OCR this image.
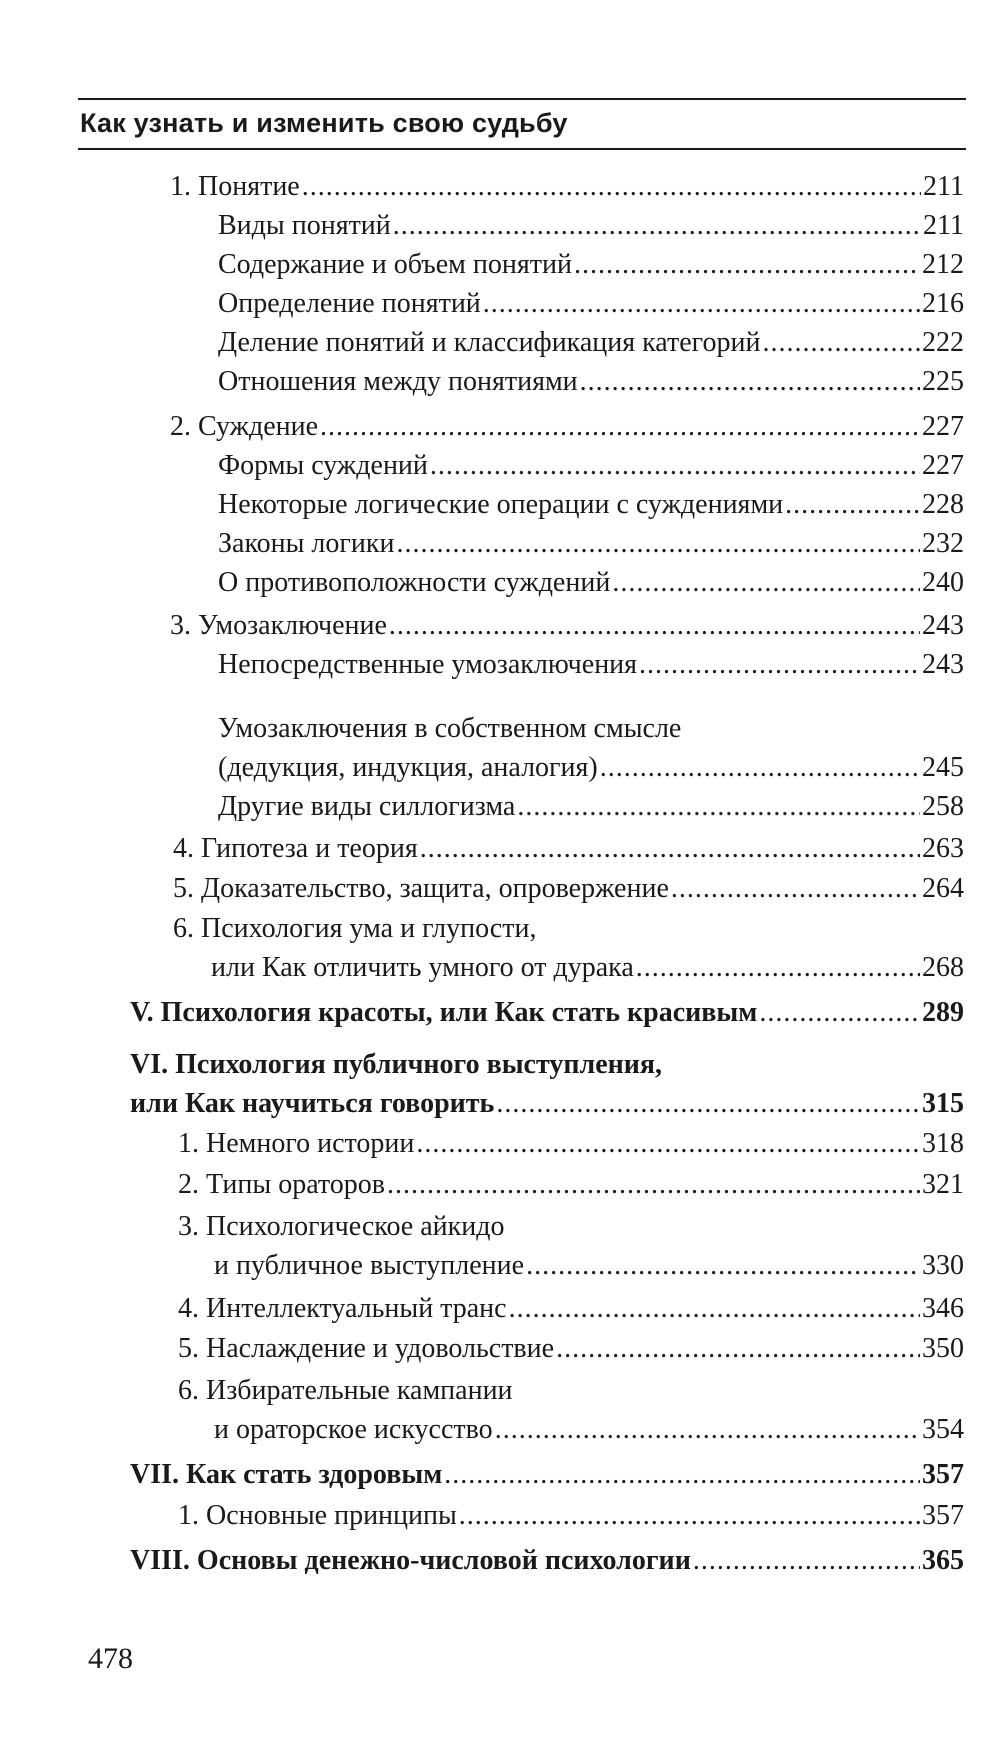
Как узнать и изменить свою судьбу
1. Понятие . . .	211
Виды понятий . . .	211
Содержание и объем понятий . . .	212
Определение понятий . . .	216
Деление понятий и классификация категорий . . .	222
Отношения между понятиями . . .	225
2. Суждение . . .	227
Формы суждений . . .	227
Некоторые логические операции с суждениями . . .	228
Законы логики . . .	232
О противоположности суждений . . .	240
3. Умозаключение . . .	243
Непосредственные умозаключения . . .	243
Умозаключения в собственном смысле
(дедукция, индукция, аналогия) . . .	245
Другие виды силлогизма . . .	258
4. Гипотеза и теория . . .	263
5. Доказательство, защита, опровержение . . .	264
6. Психология ума и глупости,
или Как отличить умного от дурака . . .	268
V. Психология красоты, или Как стать красивым . . .	289
VI. Психология публичного выступления,
или Как научиться говорить . . .	315
1. Немного истории . . .	318
2. Типы ораторов . . .	321
3. Психологическое айкидо
и публичное выступление . . .	330
4. Интеллектуальный транс . . .	346
5. Наслаждение и удовольствие . . .	350
6. Избирательные кампании
и ораторское искусство . . .	354
VII. Как стать здоровым . . .	357
1. Основные принципы . . .	357
VIII. Основы денежно-числовой психологии . . .	365
478
